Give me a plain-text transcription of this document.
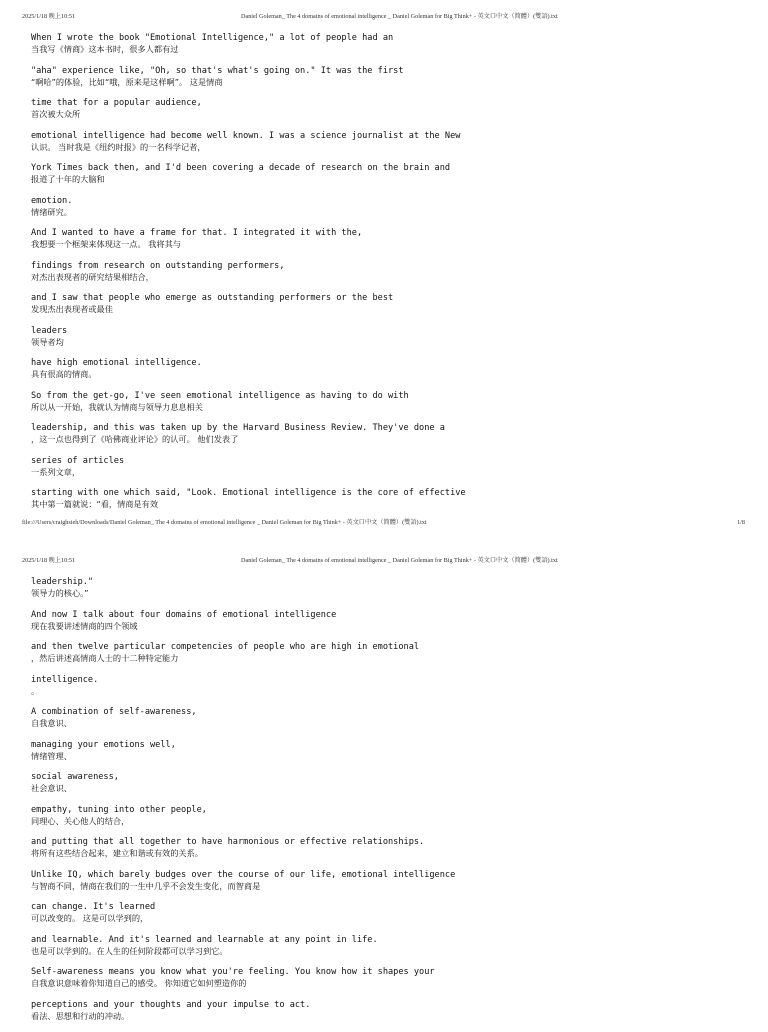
2025/1/18 晚上10:51	Daniel Goleman_ The 4 domains of emotional intelligence _ Daniel Goleman for Big Think+ - 英文口中文（简體）(雙語).txt
When I wrote the book "Emotional Intelligence," a lot of people had an
当我写《情商》这本书时，很多人都有过
"aha" experience like, "Oh, so that's what's going on." It was the first
“啊哈”的体验，比如“哦，原来是这样啊”。 这是情商
time that for a popular audience,
首次被大众所
emotional intelligence had become well known. I was a science journalist at the New
认识。 当时我是《纽约时报》的一名科学记者，
York Times back then, and I'd been covering a decade of research on the brain and
报道了十年的大脑和
emotion.
情绪研究。
And I wanted to have a frame for that. I integrated it with the,
我想要一个框架来体现这一点。 我将其与
findings from research on outstanding performers,
对杰出表现者的研究结果相结合，
and I saw that people who emerge as outstanding performers or the best
发现杰出表现者或最佳
leaders
领导者均
have high emotional intelligence.
具有很高的情商。
So from the get-go, I've seen emotional intelligence as having to do with
所以从一开始，我就认为情商与领导力息息相关
leadership, and this was taken up by the Harvard Business Review. They've done a
，这一点也得到了《哈佛商业评论》的认可。 他们发表了
series of articles
一系列文章，
starting with one which said, "Look. Emotional intelligence is the core of effective
其中第一篇就说：“看，情商是有效
file:///Users/craighsieh/Downloads/Daniel Goleman_ The 4 domains of emotional intelligence _ Daniel Goleman for Big Think+ - 英文口中文（简體）(雙語).txt	1/8
2025/1/18 晚上10:51	Daniel Goleman_ The 4 domains of emotional intelligence _ Daniel Goleman for Big Think+ - 英文口中文（简體）(雙語).txt
leadership."
领导力的核心。”
And now I talk about four domains of emotional intelligence
现在我要讲述情商的四个领域
and then twelve particular competencies of people who are high in emotional
，然后讲述高情商人士的十二种特定能力
intelligence.
。
A combination of self-awareness,
自我意识、
managing your emotions well,
情绪管理、
social awareness,
社会意识、
empathy, tuning into other people,
同理心、关心他人的结合，
and putting that all together to have harmonious or effective relationships.
将所有这些结合起来，建立和谐或有效的关系。
Unlike IQ, which barely budges over the course of our life, emotional intelligence
与智商不同，情商在我们的一生中几乎不会发生变化，而智商是
can change. It's learned
可以改变的。 这是可以学到的，
and learnable. And it's learned and learnable at any point in life.
也是可以学到的。在人生的任何阶段都可以学习到它。
Self-awareness means you know what you're feeling. You know how it shapes your
自我意识意味着你知道自己的感受。 你知道它如何塑造你的
perceptions and your thoughts and your impulse to act.
看法、思想和行动的冲动。
